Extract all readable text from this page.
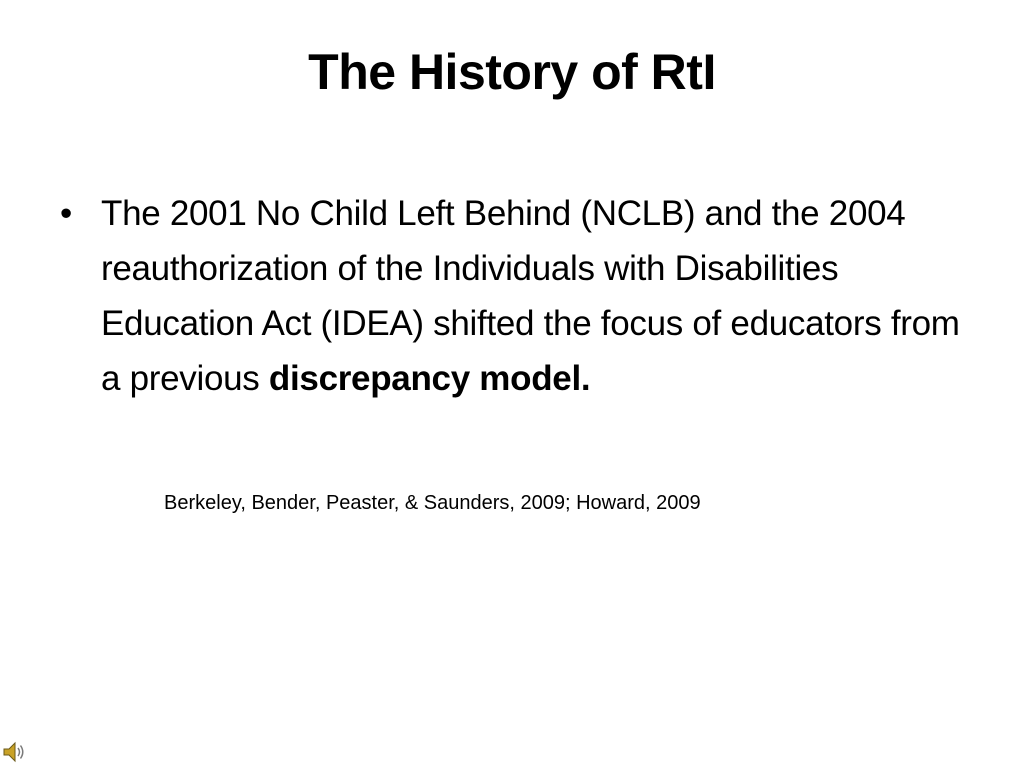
The History of RtI
• The 2001 No Child Left Behind (NCLB) and the 2004 reauthorization of the Individuals with Disabilities Education Act (IDEA) shifted the focus of educators from a previous discrepancy model.
Berkeley, Bender, Peaster, & Saunders, 2009; Howard, 2009
